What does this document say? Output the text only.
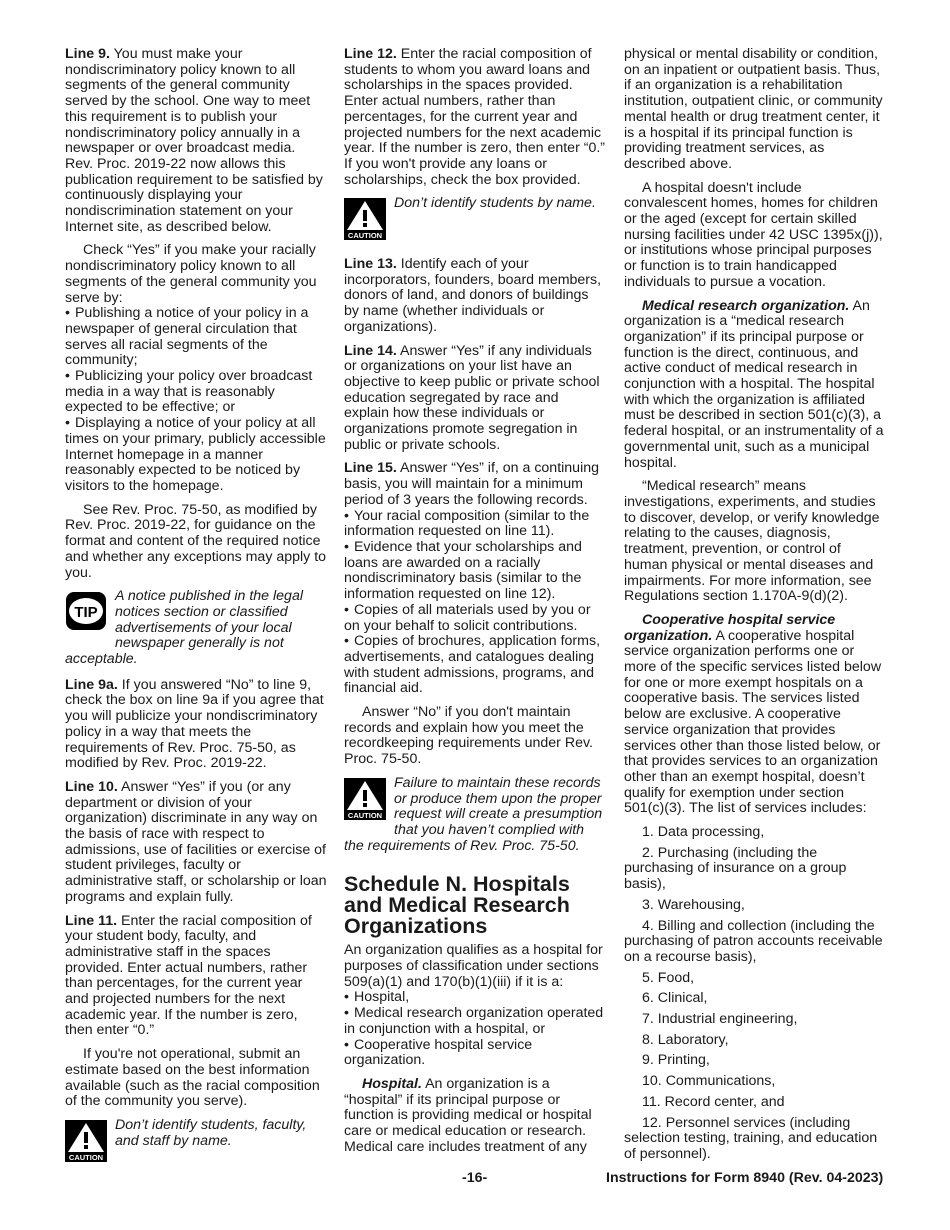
Line 9. You must make your nondiscriminatory policy known to all segments of the general community served by the school. One way to meet this requirement is to publish your nondiscriminatory policy annually in a newspaper or over broadcast media. Rev. Proc. 2019-22 now allows this publication requirement to be satisfied by continuously displaying your nondiscrimination statement on your Internet site, as described below.

Check “Yes” if you make your racially nondiscriminatory policy known to all segments of the general community you serve by:

• Publishing a notice of your policy in a newspaper of general circulation that serves all racial segments of the community;

• Publicizing your policy over broadcast media in a way that is reasonably expected to be effective; or

• Displaying a notice of your policy at all times on your primary, publicly accessible Internet homepage in a manner reasonably expected to be noticed by visitors to the homepage.

See Rev. Proc. 75-50, as modified by Rev. Proc. 2019-22, for guidance on the format and content of the required notice and whether any exceptions may apply to you.

TIP

A notice published in the legal notices section or classified advertisements of your local newspaper generally is not acceptable.

Line 9a. If you answered “No” to line 9, check the box on line 9a if you agree that you will publicize your nondiscriminatory policy in a way that meets the requirements of Rev. Proc. 75-50, as modified by Rev. Proc. 2019-22.

Line 10. Answer “Yes” if you (or any department or division of your organization) discriminate in any way on the basis of race with respect to admissions, use of facilities or exercise of student privileges, faculty or administrative staff, or scholarship or loan programs and explain fully.

Line 11. Enter the racial composition of your student body, faculty, and administrative staff in the spaces provided. Enter actual numbers, rather than percentages, for the current year and projected numbers for the next academic year. If the number is zero, then enter “0.”

If you're not operational, submit an estimate based on the best information available (such as the racial composition of the community you serve).

CAUTION

Don’t identify students, faculty, and staff by name.

Line 12. Enter the racial composition of students to whom you award loans and scholarships in the spaces provided. Enter actual numbers, rather than percentages, for the current year and projected numbers for the next academic year. If the number is zero, then enter “0.” If you won't provide any loans or scholarships, check the box provided.

CAUTION

Don’t identify students by name.

Line 13. Identify each of your incorporators, founders, board members, donors of land, and donors of buildings by name (whether individuals or organizations).

Line 14. Answer “Yes” if any individuals or organizations on your list have an objective to keep public or private school education segregated by race and explain how these individuals or organizations promote segregation in public or private schools.

Line 15. Answer “Yes” if, on a continuing basis, you will maintain for a minimum period of 3 years the following records.

• Your racial composition (similar to the information requested on line 11).

• Evidence that your scholarships and loans are awarded on a racially nondiscriminatory basis (similar to the information requested on line 12).

• Copies of all materials used by you or on your behalf to solicit contributions.

• Copies of brochures, application forms, advertisements, and catalogues dealing with student admissions, programs, and financial aid.

Answer “No” if you don't maintain records and explain how you meet the recordkeeping requirements under Rev. Proc. 75-50.

CAUTION

Failure to maintain these records or produce them upon the proper request will create a presumption that you haven’t complied with the requirements of Rev. Proc. 75-50.

Schedule N. Hospitals and Medical Research Organizations

An organization qualifies as a hospital for purposes of classification under sections 509(a)(1) and 170(b)(1)(iii) if it is a:

• Hospital,

• Medical research organization operated in conjunction with a hospital, or

• Cooperative hospital service organization.

Hospital. An organization is a “hospital” if its principal purpose or function is providing medical or hospital care or medical education or research. Medical care includes treatment of any

physical or mental disability or condition, on an inpatient or outpatient basis. Thus, if an organization is a rehabilitation institution, outpatient clinic, or community mental health or drug treatment center, it is a hospital if its principal function is providing treatment services, as described above.

A hospital doesn't include convalescent homes, homes for children or the aged (except for certain skilled nursing facilities under 42 USC 1395x(j)), or institutions whose principal purposes or function is to train handicapped individuals to pursue a vocation.

Medical research organization. An organization is a “medical research organization” if its principal purpose or function is the direct, continuous, and active conduct of medical research in conjunction with a hospital. The hospital with which the organization is affiliated must be described in section 501(c)(3), a federal hospital, or an instrumentality of a governmental unit, such as a municipal hospital.

“Medical research” means investigations, experiments, and studies to discover, develop, or verify knowledge relating to the causes, diagnosis, treatment, prevention, or control of human physical or mental diseases and impairments. For more information, see Regulations section 1.170A-9(d)(2).

Cooperative hospital service organization. A cooperative hospital service organization performs one or more of the specific services listed below for one or more exempt hospitals on a cooperative basis. The services listed below are exclusive. A cooperative service organization that provides services other than those listed below, or that provides services to an organization other than an exempt hospital, doesn’t qualify for exemption under section 501(c)(3). The list of services includes:

1. Data processing,

2. Purchasing (including the purchasing of insurance on a group basis),

3. Warehousing,

4. Billing and collection (including the purchasing of patron accounts receivable on a recourse basis),

5. Food,

6. Clinical,

7. Industrial engineering,

8. Laboratory,

9. Printing,

10. Communications,

11. Record center, and

12. Personnel services (including selection testing, training, and education of personnel).

-16-	Instructions for Form 8940 (Rev. 04-2023)
